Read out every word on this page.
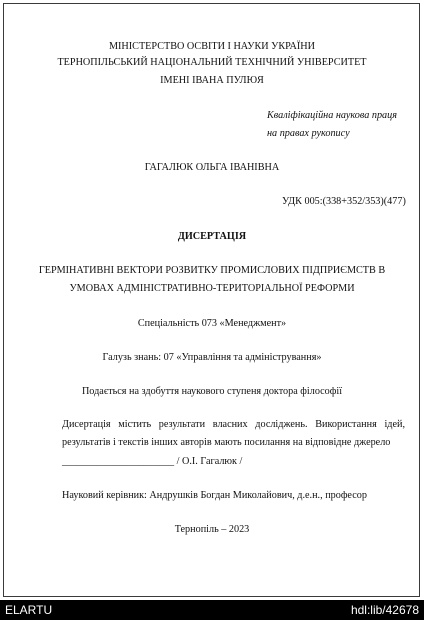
МІНІСТЕРСТВО ОСВІТИ І НАУКИ УКРАЇНИ
ТЕРНОПІЛЬСЬКИЙ НАЦІОНАЛЬНИЙ ТЕХНІЧНИЙ УНІВЕРСИТЕТ
ІМЕНІ ІВАНА ПУЛЮЯ
Кваліфікаційна наукова праця
на правах рукопису
ГАГАЛЮК ОЛЬГА ІВАНІВНА
УДК 005:(338+352/353)(477)
ДИСЕРТАЦІЯ
ГЕРМІНАТИВНІ ВЕКТОРИ РОЗВИТКУ ПРОМИСЛОВИХ ПІДПРИЄМСТВ В
УМОВАХ АДМІНІСТРАТИВНО-ТЕРИТОРІАЛЬНОЇ РЕФОРМИ
Спеціальність 073 «Менеджмент»
Галузь знань: 07 «Управління та адміністрування»
Подається на здобуття наукового ступеня доктора філософії
Дисертація містить результати власних досліджень. Використання ідей, результатів і текстів інших авторів мають посилання на відповідне джерело
______________________ / О.І. Гагалюк /
Науковий керівник: Андрушків Богдан Миколайович, д.е.н., професор
Тернопіль – 2023
ELARTU	hdl:lib/42678
